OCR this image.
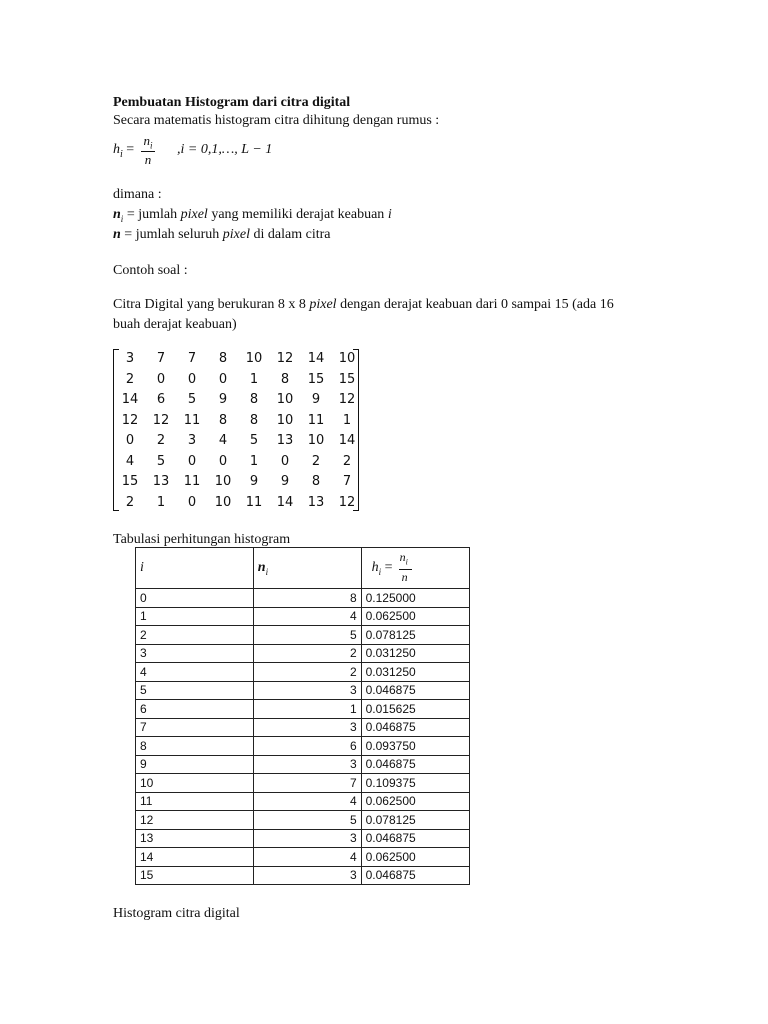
Pembuatan Histogram dari citra digital
Secara matematis histogram citra dihitung dengan rumus :
$h_i$ =
$n_i$
n
,i = 0,1,…, L − 1
dimana :
$n_i$ = jumlah pixel yang memiliki derajat keabuan i
n = jumlah seluruh pixel di dalam citra
Contoh soal :
Citra Digital yang berukuran 8 x 8 pixel dengan derajat keabuan dari 0 sampai 15 (ada 16
buah derajat keabuan)
3	7	7	8	10	12	14	10
2	0	0	0	1	8	15	15
14	6	5	9	8	10	9	12
12	12	11	8	8	10	11	1
0	2	3	4	5	13	10	14
4	5	0	0	1	0	2	2
15	13	11	10	9	9	8	7
2	1	0	10	11	14	13	12
Tabulasi perhitungan histogram
i	$n_i$	$h_i$ =
$n_i$
n

0	8	0.125000
1	4	0.062500
2	5	0.078125
3	2	0.031250
4	2	0.031250
5	3	0.046875
6	1	0.015625
7	3	0.046875
8	6	0.093750
9	3	0.046875
10	7	0.109375
11	4	0.062500
12	5	0.078125
13	3	0.046875
14	4	0.062500
15	3	0.046875
Histogram citra digital
